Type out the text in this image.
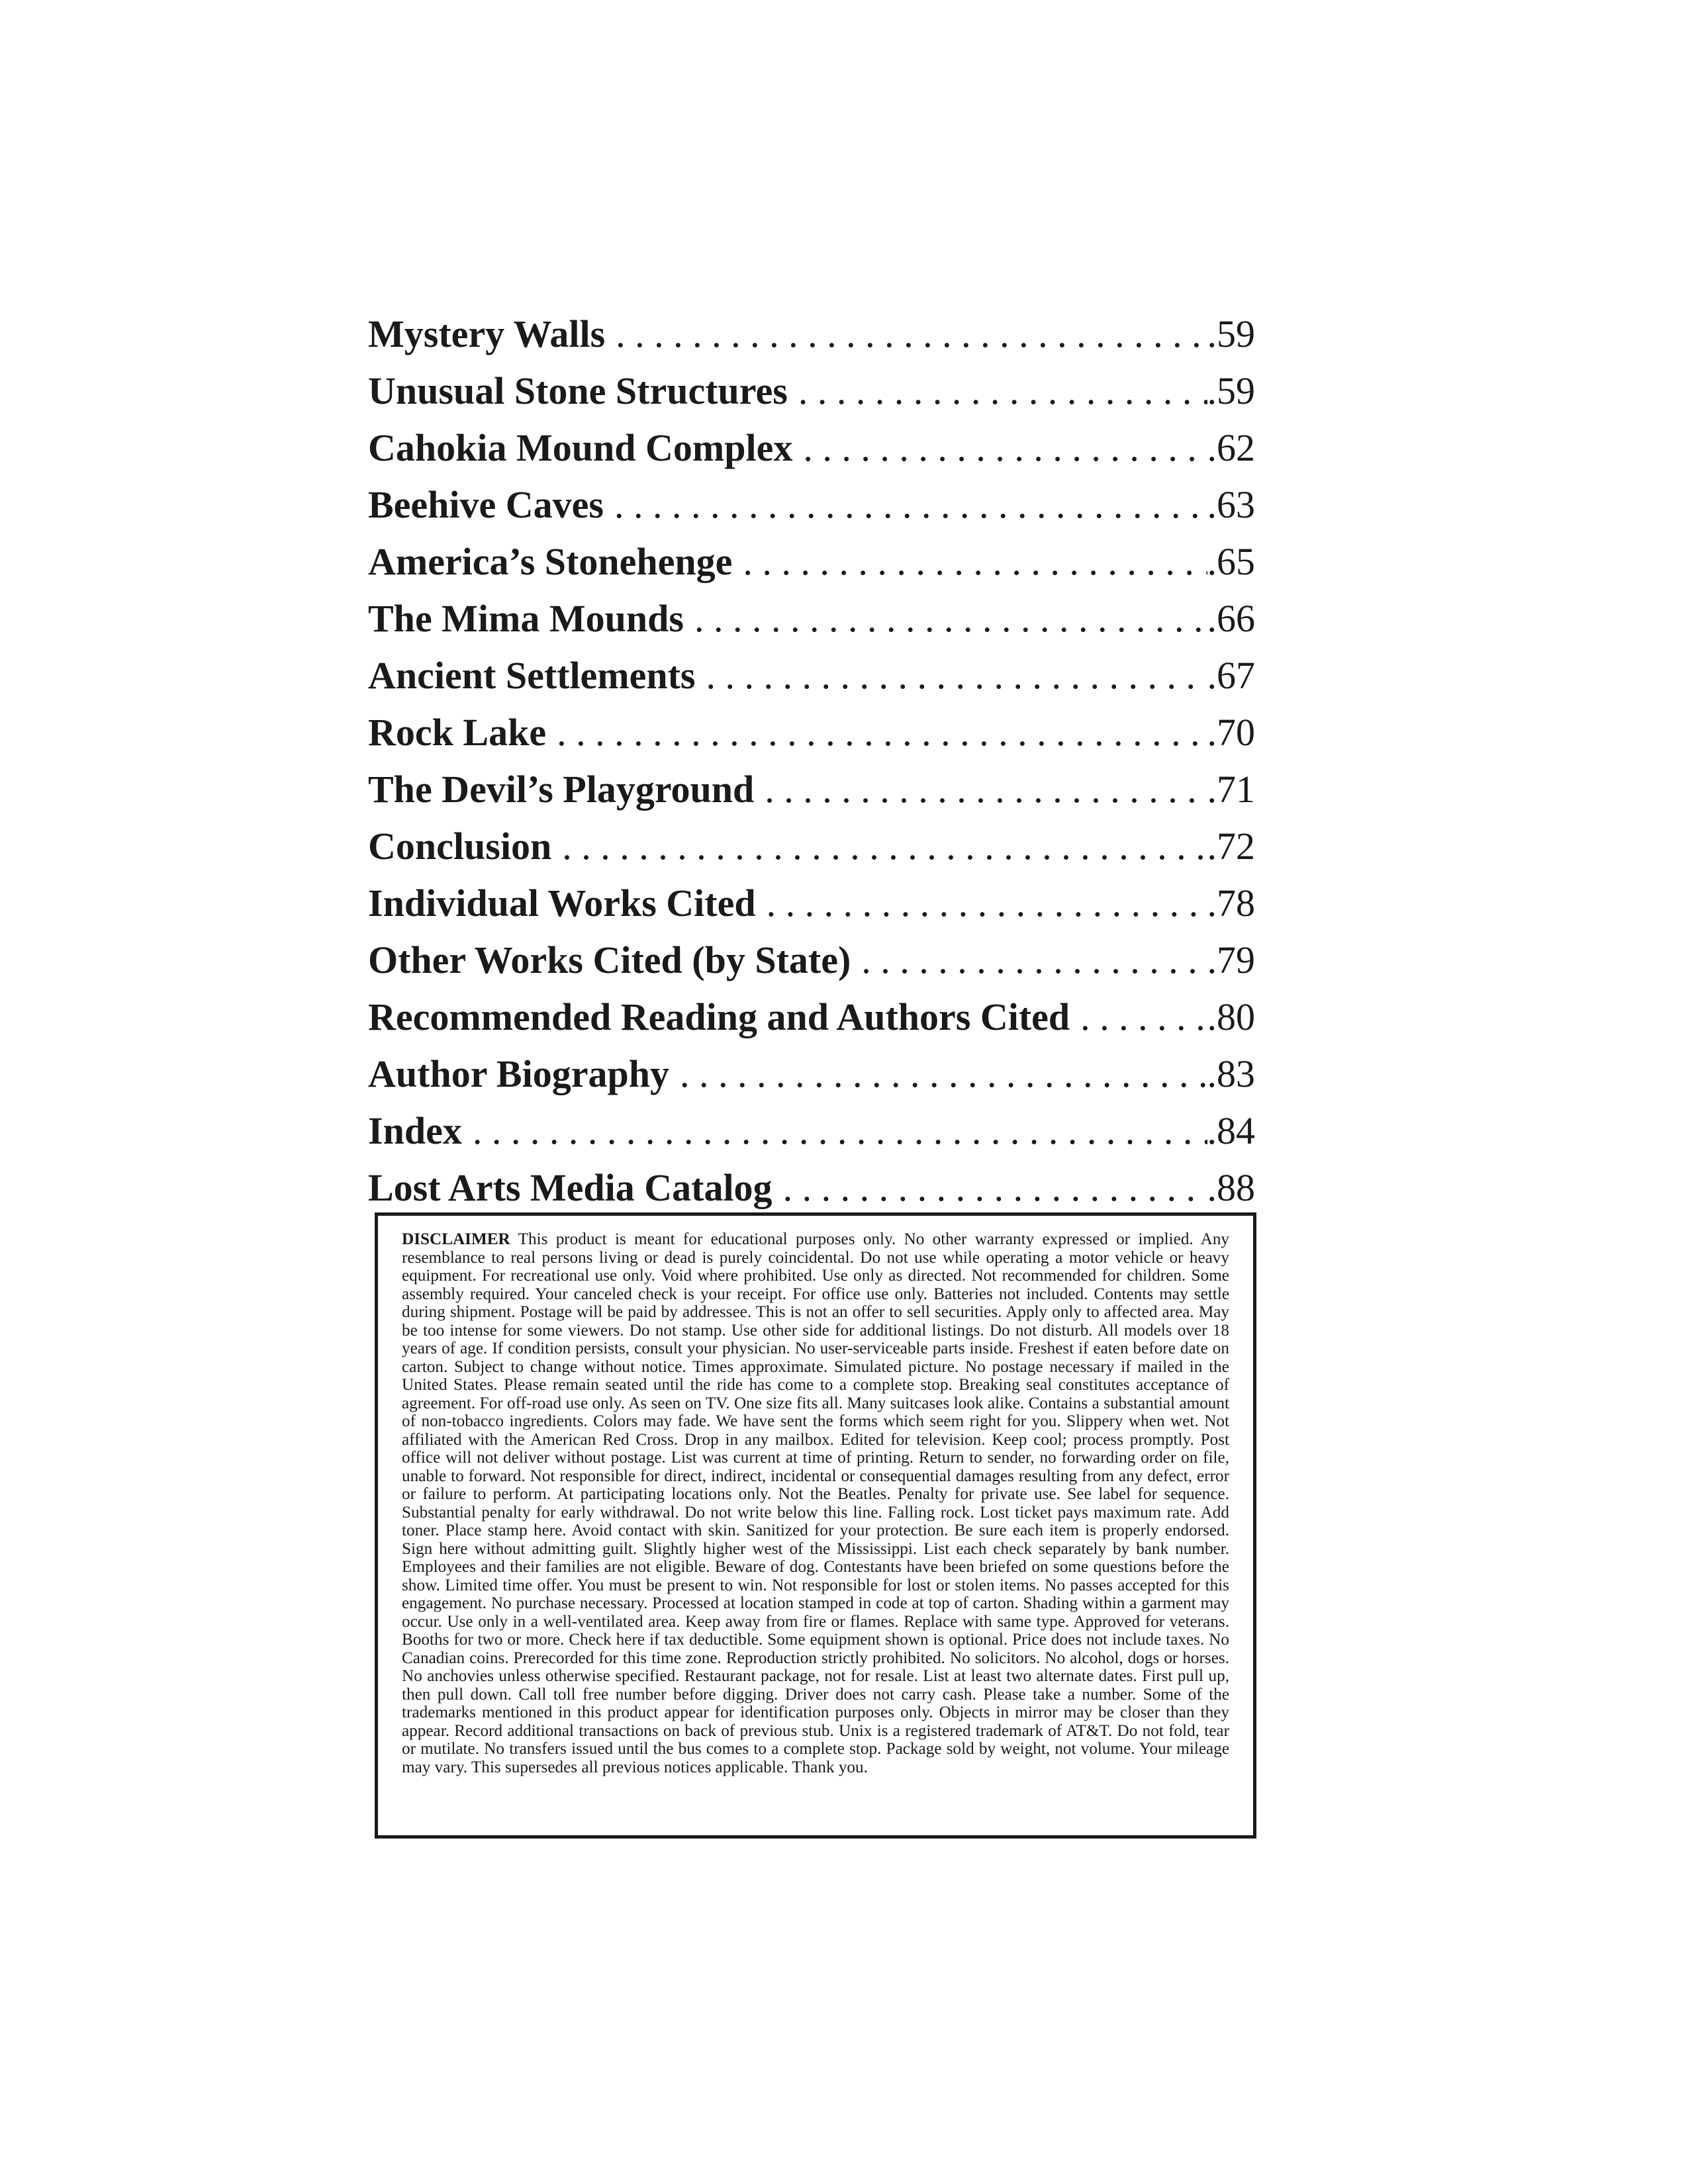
Mystery Walls . . .	.59
Unusual Stone Structures . . .	.59
Cahokia Mound Complex . . .	.62
Beehive Caves . . .	.63
America’s Stonehenge . . .	.65
The Mima Mounds . . .	.66
Ancient Settlements . . .	.67
Rock Lake . . .	.70
The Devil’s Playground . . .	.71
Conclusion . . .	.72
Individual Works Cited . . .	.78
Other Works Cited (by State) . . .	.79
Recommended Reading and Authors Cited . . .	.80
Author Biography . . .	.83
Index . . .	.84
Lost Arts Media Catalog . . .	.88

DISCLAIMER This product is meant for educational purposes only. No other warranty expressed or implied. Any resemblance to real persons living or dead is purely coincidental. Do not use while operating a motor vehicle or heavy equipment. For recreational use only. Void where prohibited. Use only as directed. Not recommended for children. Some assembly required. Your canceled check is your receipt. For office use only. Batteries not included. Contents may settle during shipment. Postage will be paid by addressee. This is not an offer to sell securities. Apply only to affected area. May be too intense for some viewers. Do not stamp. Use other side for additional listings. Do not disturb. All models over 18 years of age. If condition persists, consult your physician. No user-serviceable parts inside. Freshest if eaten before date on carton. Subject to change without notice. Times approximate. Simulated picture. No postage necessary if mailed in the United States. Please remain seated until the ride has come to a complete stop. Breaking seal constitutes acceptance of agreement. For off-road use only. As seen on TV. One size fits all. Many suitcases look alike. Contains a substantial amount of non-tobacco ingredients. Colors may fade. We have sent the forms which seem right for you. Slippery when wet. Not affiliated with the American Red Cross. Drop in any mailbox. Edited for television. Keep cool; process promptly. Post office will not deliver without postage. List was current at time of printing. Return to sender, no forwarding order on file, unable to forward. Not responsible for direct, indirect, incidental or consequential damages resulting from any defect, error or failure to perform. At participating locations only. Not the Beatles. Penalty for private use. See label for sequence. Substantial penalty for early withdrawal. Do not write below this line. Falling rock. Lost ticket pays maximum rate. Add toner. Place stamp here. Avoid contact with skin. Sanitized for your protection. Be sure each item is properly endorsed. Sign here without admitting guilt. Slightly higher west of the Mississippi. List each check separately by bank number. Employees and their families are not eligible. Beware of dog. Contestants have been briefed on some questions before the show. Limited time offer. You must be present to win. Not responsible for lost or stolen items. No passes accepted for this engagement. No purchase necessary. Processed at location stamped in code at top of carton. Shading within a garment may occur. Use only in a well-ventilated area. Keep away from fire or flames. Replace with same type. Approved for veterans. Booths for two or more. Check here if tax deductible. Some equipment shown is optional. Price does not include taxes. No Canadian coins. Prerecorded for this time zone. Reproduction strictly prohibited. No solicitors. No alcohol, dogs or horses. No anchovies unless otherwise specified. Restaurant package, not for resale. List at least two alternate dates. First pull up, then pull down. Call toll free number before digging. Driver does not carry cash. Please take a number. Some of the trademarks mentioned in this product appear for identification purposes only. Objects in mirror may be closer than they appear. Record additional transactions on back of previous stub. Unix is a registered trademark of AT&T. Do not fold, tear or mutilate. No transfers issued until the bus comes to a complete stop. Package sold by weight, not volume. Your mileage may vary. This supersedes all previous notices applicable. Thank you.
